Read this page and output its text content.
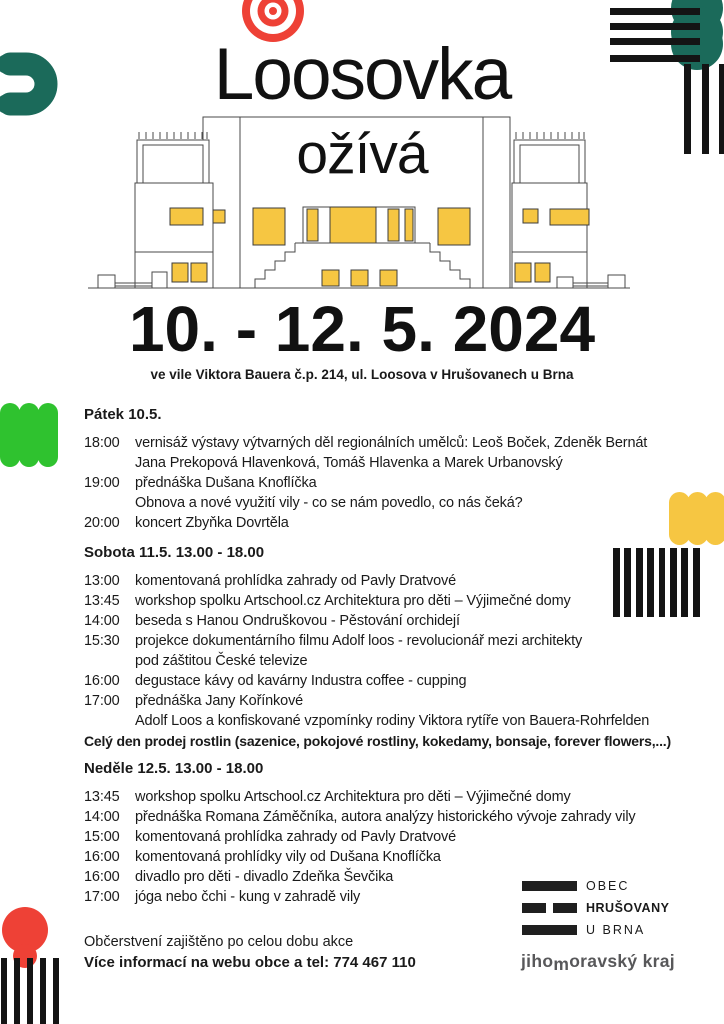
Loosovka
ožívá
10. - 12. 5. 2024
ve vile Viktora Bauera č.p. 214, ul. Loosova v Hrušovanech u Brna
Pátek 10.5.
18:00 vernisáž výstavy výtvarných děl regionálních umělců: Leoš Boček, Zdeněk Bernát
Jana Prekopová Hlavenková, Tomáš Hlavenka a Marek Urbanovský
19:00 přednáška Dušana Knoflíčka
Obnova a nové využití vily - co se nám povedlo, co nás čeká?
20:00 koncert Zbyňka Dovrtěla
Sobota 11.5. 13.00 - 18.00
13:00 komentovaná prohlídka zahrady od Pavly Dratvové
13:45 workshop spolku Artschool.cz Architektura pro děti – Výjimečné domy
14:00 beseda s Hanou Ondruškovou - Pěstování orchidejí
15:30 projekce dokumentárního filmu Adolf loos - revolucionář mezi architekty
pod záštitou České televize
16:00 degustace kávy od kavárny Industra coffee - cupping
17:00 přednáška Jany Kořínkové
Adolf Loos a konfiskované vzpomínky rodiny Viktora rytíře von Bauera-Rohrfelden
Celý den prodej rostlin (sazenice, pokojové rostliny, kokedamy, bonsaje, forever flowers,...)
Neděle 12.5. 13.00 - 18.00
13:45 workshop spolku Artschool.cz Architektura pro děti – Výjimečné domy
14:00 přednáška Romana Záměčníka, autora analýzy historického vývoje zahrady vily
15:00 komentovaná prohlídka zahrady od Pavly Dratvové
16:00 komentovaná prohlídky vily od Dušana Knoflíčka
16:00 divadlo pro děti - divadlo Zdeňka Ševčika
17:00 jóga nebo čchi - kung v zahradě vily
Občerstvení zajištěno po celou dobu akce
Více informací na webu obce a tel: 774 467 110
OBEC
HRUŠOVANY
U BRNA
jihomoravský kraj
